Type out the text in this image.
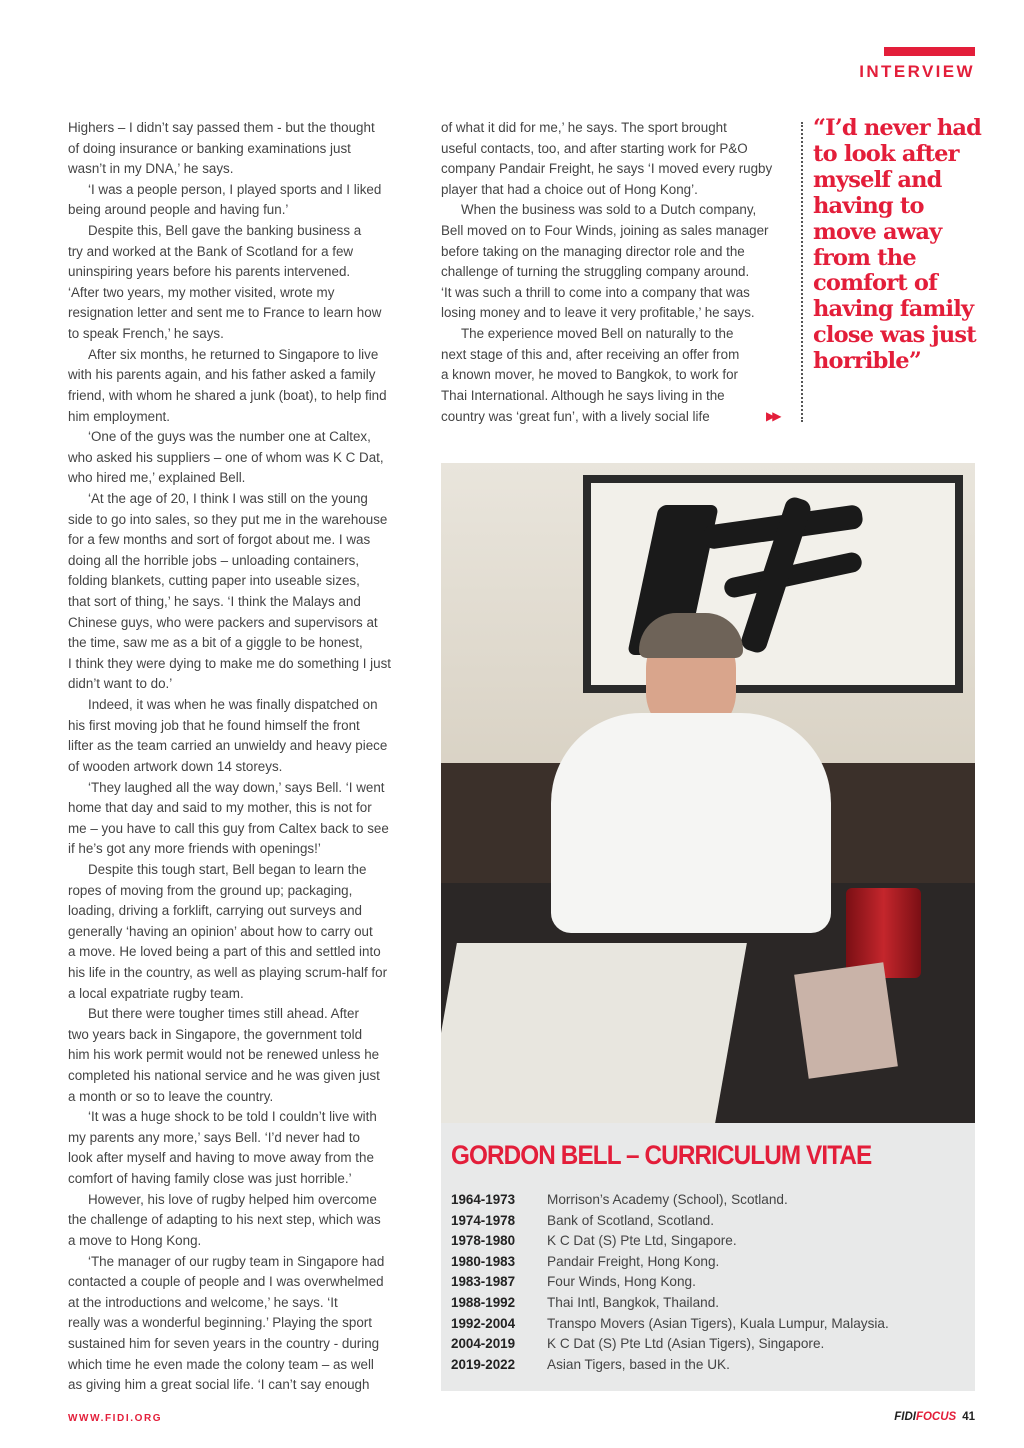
INTERVIEW
Highers – I didn’t say passed them - but the thought
of doing insurance or banking examinations just
wasn’t in my DNA,’ he says.
‘I was a people person, I played sports and I liked
being around people and having fun.’
Despite this, Bell gave the banking business a
try and worked at the Bank of Scotland for a few
uninspiring years before his parents intervened.
‘After two years, my mother visited, wrote my
resignation letter and sent me to France to learn how
to speak French,’ he says.
After six months, he returned to Singapore to live
with his parents again, and his father asked a family
friend, with whom he shared a junk (boat), to help find
him employment.
‘One of the guys was the number one at Caltex,
who asked his suppliers – one of whom was K C Dat,
who hired me,’ explained Bell.
‘At the age of 20, I think I was still on the young
side to go into sales, so they put me in the warehouse
for a few months and sort of forgot about me. I was
doing all the horrible jobs – unloading containers,
folding blankets, cutting paper into useable sizes,
that sort of thing,’ he says. ‘I think the Malays and
Chinese guys, who were packers and supervisors at
the time, saw me as a bit of a giggle to be honest,
I think they were dying to make me do something I just
didn’t want to do.’
Indeed, it was when he was finally dispatched on
his first moving job that he found himself the front
lifter as the team carried an unwieldy and heavy piece
of wooden artwork down 14 storeys.
‘They laughed all the way down,’ says Bell. ‘I went
home that day and said to my mother, this is not for
me – you have to call this guy from Caltex back to see
if he’s got any more friends with openings!’
Despite this tough start, Bell began to learn the
ropes of moving from the ground up; packaging,
loading, driving a forklift, carrying out surveys and
generally ‘having an opinion’ about how to carry out
a move. He loved being a part of this and settled into
his life in the country, as well as playing scrum-half for
a local expatriate rugby team.
But there were tougher times still ahead. After
two years back in Singapore, the government told
him his work permit would not be renewed unless he
completed his national service and he was given just
a month or so to leave the country.
‘It was a huge shock to be told I couldn’t live with
my parents any more,’ says Bell. ‘I’d never had to
look after myself and having to move away from the
comfort of having family close was just horrible.’
However, his love of rugby helped him overcome
the challenge of adapting to his next step, which was
a move to Hong Kong.
‘The manager of our rugby team in Singapore had
contacted a couple of people and I was overwhelmed
at the introductions and welcome,’ he says. ‘It
really was a wonderful beginning.’ Playing the sport
sustained him for seven years in the country - during
which time he even made the colony team – as well
as giving him a great social life. ‘I can’t say enough
of what it did for me,’ he says. The sport brought
useful contacts, too, and after starting work for P&O
company Pandair Freight, he says ‘I moved every rugby
player that had a choice out of Hong Kong’.
When the business was sold to a Dutch company,
Bell moved on to Four Winds, joining as sales manager
before taking on the managing director role and the
challenge of turning the struggling company around.
‘It was such a thrill to come into a company that was
losing money and to leave it very profitable,’ he says.
The experience moved Bell on naturally to the
next stage of this and, after receiving an offer from
a known mover, he moved to Bangkok, to work for
Thai International. Although he says living in the
country was ‘great fun’, with a lively social life	▶▶
“I’d never had to look after myself and having to move away from the comfort of having family close was just horrible”
GORDON BELL – CURRICULUM VITAE
1964-1973	Morrison’s Academy (School), Scotland.
1974-1978	Bank of Scotland, Scotland.
1978-1980	K C Dat (S) Pte Ltd, Singapore.
1980-1983	Pandair Freight, Hong Kong.
1983-1987	Four Winds, Hong Kong.
1988-1992	Thai Intl, Bangkok, Thailand.
1992-2004	Transpo Movers (Asian Tigers), Kuala Lumpur, Malaysia.
2004-2019	K C Dat (S) Pte Ltd (Asian Tigers), Singapore.
2019-2022	Asian Tigers, based in the UK.
WWW.FIDI.ORG	FIDIFOCUS 41
